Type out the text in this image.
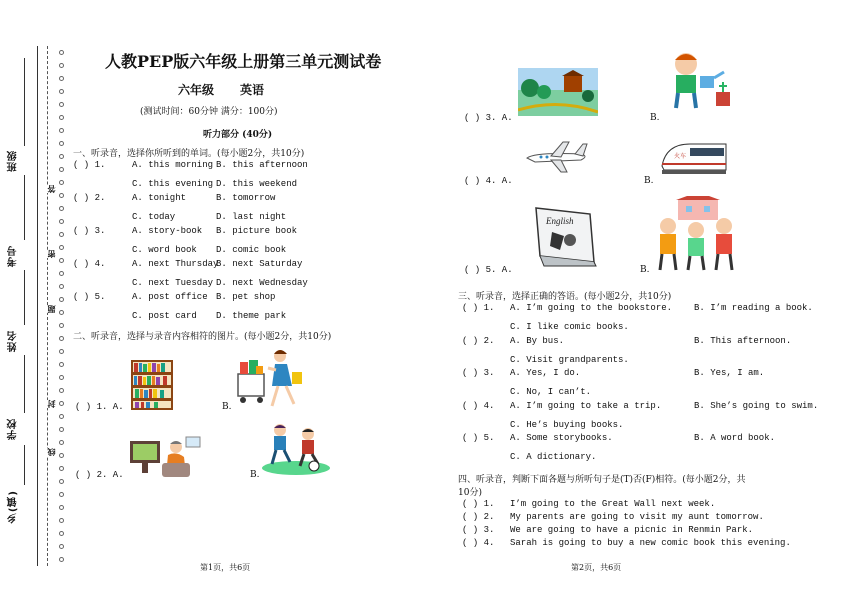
班级
考号
姓名
学校
乡(镇)
答
密
题
封
线
人教PEP版六年级上册第三单元测试卷
六年级 英语
(测试时间：60分钟 满分：100分)
听力部分 (40分)
一、听录音，选择你所听到的单词。(每小题2分，共10分)
( ) 1.	A. this morning B. this afternoon
C. this evening D. this weekend
( ) 2.	A. tonight	B. tomorrow
C. today	D. last night
( ) 3.	A. story-book B. picture book
C. word book D. comic book
( ) 4.	A. next Thursday
B. next Saturday
C. next Tuesday D. next Wednesday
( ) 5.	A. post office B. pet shop
C. post card D. theme park
二、听录音，选择与录音内容相符的图片。(每小题2分，共10分)
( ) 1. A.	B.
( ) 2. A.	B.
( ) 3. A.	B.
( ) 4. A.	B.
火车
( ) 5. A.
English
B.
三、听录音，选择正确的答语。(每小题2分，共10分)
( ) 1. A. I’m going to the bookstore. B. I’m reading a book.
C. I like comic books.
( ) 2. A. By bus.	B. This afternoon.
C. Visit grandparents.
( ) 3. A. Yes, I do.	B. Yes, I am.
C. No, I can’t.
( ) 4. A. I’m going to take a trip.	B. She’s going to swim.
C. He’s buying books.
( ) 5. A. Some storybooks.	B. A word book.
C. A dictionary.
四、听录音，判断下面各题与所听句子是(T)否(F)相符。(每小题2分，共
10分)
( ) 1. I’m going to the Great Wall next week.
( ) 2. My parents are going to visit my aunt tomorrow.
( ) 3. We are going to have a picnic in Renmin Park.
( ) 4. Sarah is going to buy a new comic book this evening.
第1页，共6页	第2页，共6页
